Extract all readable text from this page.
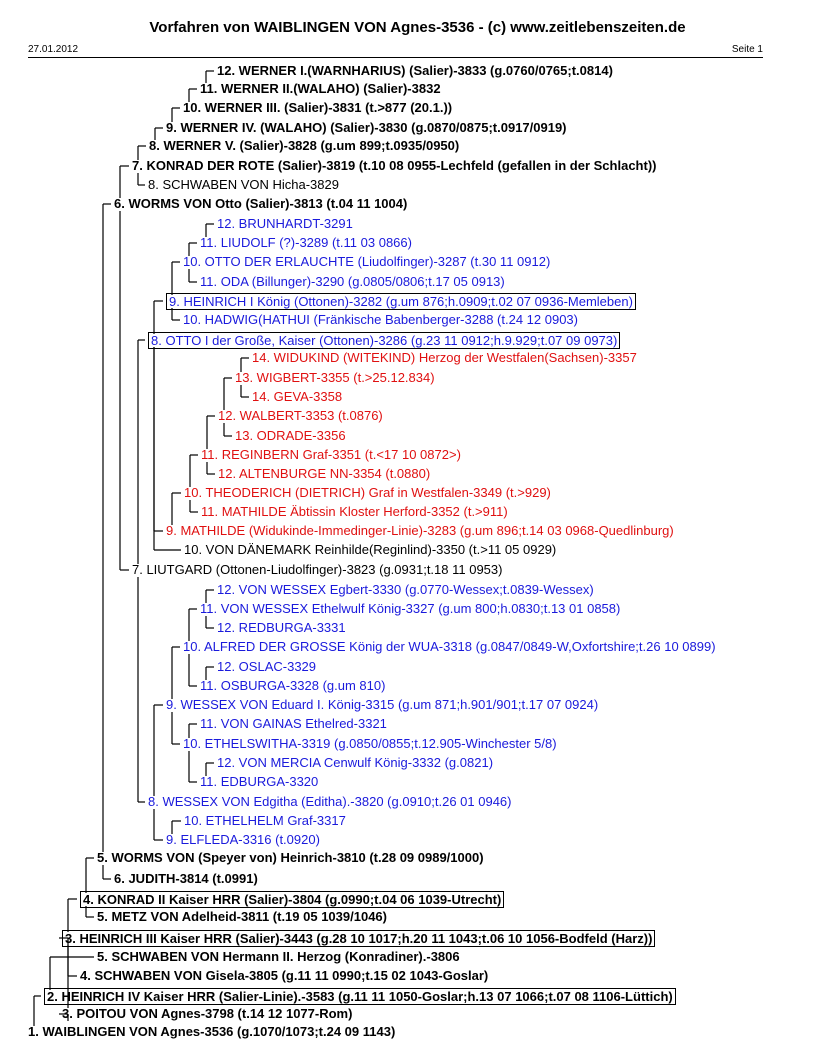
Vorfahren von WAIBLINGEN VON Agnes-3536 - (c) www.zeitlebenszeiten.de
27.01.2012	Seite 1
12. WERNER I.(WARNHARIUS) (Salier)-3833 (g.0760/0765;t.0814)
11. WERNER II.(WALAHO) (Salier)-3832
10. WERNER III. (Salier)-3831 (t.>877 (20.1.))
9. WERNER IV. (WALAHO) (Salier)-3830 (g.0870/0875;t.0917/0919)
8. WERNER V. (Salier)-3828 (g.um 899;t.0935/0950)
7. KONRAD DER ROTE (Salier)-3819 (t.10 08 0955-Lechfeld (gefallen in der Schlacht))
8. SCHWABEN VON Hicha-3829
6. WORMS VON Otto (Salier)-3813 (t.04 11 1004)
12. BRUNHARDT-3291
11. LIUDOLF (?)-3289 (t.11 03 0866)
10. OTTO DER ERLAUCHTE (Liudolfinger)-3287 (t.30 11 0912)
11. ODA (Billunger)-3290 (g.0805/0806;t.17 05 0913)
9. HEINRICH I König (Ottonen)-3282 (g.um 876;h.0909;t.02 07 0936-Memleben)
10. HADWIG(HATHUI (Fränkische Babenberger-3288 (t.24 12 0903)
8. OTTO I der Große, Kaiser (Ottonen)-3286 (g.23 11 0912;h.9.929;t.07 09 0973)
14. WIDUKIND (WITEKIND) Herzog der Westfalen(Sachsen)-3357
13. WIGBERT-3355 (t.>25.12.834)
14. GEVA-3358
12. WALBERT-3353 (t.0876)
13. ODRADE-3356
11. REGINBERN Graf-3351 (t.<17 10 0872>)
12. ALTENBURGE NN-3354 (t.0880)
10. THEODERICH (DIETRICH) Graf in Westfalen-3349 (t.>929)
11. MATHILDE Äbtissin Kloster Herford-3352 (t.>911)
9. MATHILDE (Widukinde-Immedinger-Linie)-3283 (g.um 896;t.14 03 0968-Quedlinburg)
10. VON DÄNEMARK Reinhilde(Reginlind)-3350 (t.>11 05 0929)
7. LIUTGARD (Ottonen-Liudolfinger)-3823 (g.0931;t.18 11 0953)
12. VON WESSEX Egbert-3330 (g.0770-Wessex;t.0839-Wessex)
11. VON WESSEX Ethelwulf König-3327 (g.um 800;h.0830;t.13 01 0858)
12. REDBURGA-3331
10. ALFRED DER GROSSE König der WUA-3318 (g.0847/0849-W,Oxfortshire;t.26 10 0899)
12. OSLAC-3329
11. OSBURGA-3328 (g.um 810)
9. WESSEX VON Eduard I. König-3315 (g.um 871;h.901/901;t.17 07 0924)
11. VON GAINAS Ethelred-3321
10. ETHELSWITHA-3319 (g.0850/0855;t.12.905-Winchester 5/8)
12. VON MERCIA Cenwulf König-3332 (g.0821)
11. EDBURGA-3320
8. WESSEX VON Edgitha (Editha).-3820 (g.0910;t.26 01 0946)
10. ETHELHELM Graf-3317
9. ELFLEDA-3316 (t.0920)
5. WORMS VON (Speyer von) Heinrich-3810 (t.28 09 0989/1000)
6. JUDITH-3814 (t.0991)
4. KONRAD II Kaiser HRR (Salier)-3804 (g.0990;t.04 06 1039-Utrecht)
5. METZ VON Adelheid-3811 (t.19 05 1039/1046)
3. HEINRICH III Kaiser HRR (Salier)-3443 (g.28 10 1017;h.20 11 1043;t.06 10 1056-Bodfeld (Harz))
5. SCHWABEN VON Hermann II. Herzog (Konradiner).-3806
4. SCHWABEN VON Gisela-3805 (g.11 11 0990;t.15 02 1043-Goslar)
2. HEINRICH IV Kaiser HRR (Salier-Linie).-3583 (g.11 11 1050-Goslar;h.13 07 1066;t.07 08 1106-Lüttich)
3. POITOU VON Agnes-3798 (t.14 12 1077-Rom)
1. WAIBLINGEN VON Agnes-3536 (g.1070/1073;t.24 09 1143)
